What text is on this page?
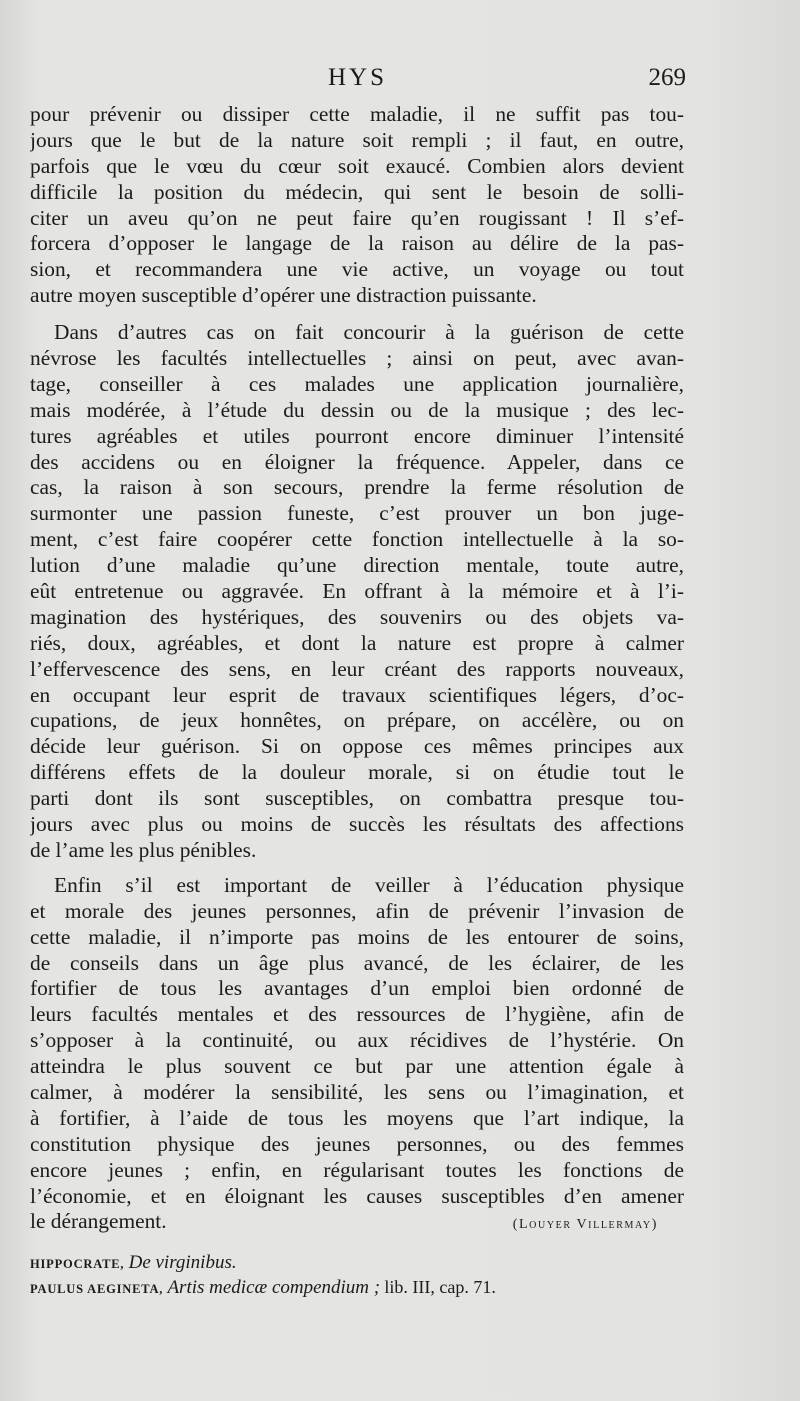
HYS	269
pour prévenir ou dissiper cette maladie, il ne suffit pas tou-
jours que le but de la nature soit rempli ; il faut, en outre,
parfois que le vœu du cœur soit exaucé. Combien alors devient
difficile la position du médecin, qui sent le besoin de solli-
citer un aveu qu’on ne peut faire qu’en rougissant ! Il s’ef-
forcera d’opposer le langage de la raison au délire de la pas-
sion, et recommandera une vie active, un voyage ou tout
autre moyen susceptible d’opérer une distraction puissante.
Dans d’autres cas on fait concourir à la guérison de cette
névrose les facultés intellectuelles ; ainsi on peut, avec avan-
tage, conseiller à ces malades une application journalière,
mais modérée, à l’étude du dessin ou de la musique ; des lec-
tures agréables et utiles pourront encore diminuer l’intensité
des accidens ou en éloigner la fréquence. Appeler, dans ce
cas, la raison à son secours, prendre la ferme résolution de
surmonter une passion funeste, c’est prouver un bon juge-
ment, c’est faire coopérer cette fonction intellectuelle à la so-
lution d’une maladie qu’une direction mentale, toute autre,
eût entretenue ou aggravée. En offrant à la mémoire et à l’i-
magination des hystériques, des souvenirs ou des objets va-
riés, doux, agréables, et dont la nature est propre à calmer
l’effervescence des sens, en leur créant des rapports nouveaux,
en occupant leur esprit de travaux scientifiques légers, d’oc-
cupations, de jeux honnêtes, on prépare, on accélère, ou on
décide leur guérison. Si on oppose ces mêmes principes aux
différens effets de la douleur morale, si on étudie tout le
parti dont ils sont susceptibles, on combattra presque tou-
jours avec plus ou moins de succès les résultats des affections
de l’ame les plus pénibles.
Enfin s’il est important de veiller à l’éducation physique
et morale des jeunes personnes, afin de prévenir l’invasion de
cette maladie, il n’importe pas moins de les entourer de soins,
de conseils dans un âge plus avancé, de les éclairer, de les
fortifier de tous les avantages d’un emploi bien ordonné de
leurs facultés mentales et des ressources de l’hygiène, afin de
s’opposer à la continuité, ou aux récidives de l’hystérie. On
atteindra le plus souvent ce but par une attention égale à
calmer, à modérer la sensibilité, les sens ou l’imagination, et
à fortifier, à l’aide de tous les moyens que l’art indique, la
constitution physique des jeunes personnes, ou des femmes
encore jeunes ; enfin, en régularisant toutes les fonctions de
l’économie, et en éloignant les causes susceptibles d’en amener
le dérangement.	(Louyer Villermay)
HIPPOCRATE, De virginibus.
PAULUS AEGINETA, Artis medicæ compendium ; lib. III, cap. 71.
